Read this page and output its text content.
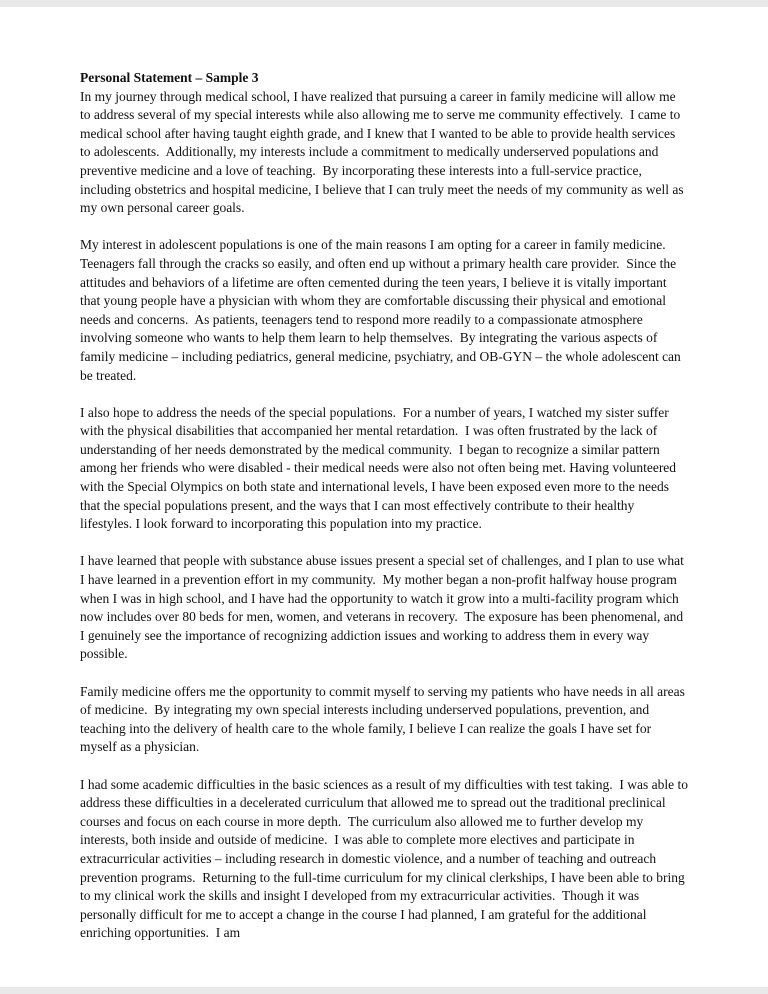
Personal Statement – Sample 3

In my journey through medical school, I have realized that pursuing a career in family medicine will allow me to address several of my special interests while also allowing me to serve me community effectively.  I came to medical school after having taught eighth grade, and I knew that I wanted to be able to provide health services to adolescents.  Additionally, my interests include a commitment to medically underserved populations and preventive medicine and a love of teaching.  By incorporating these interests into a full-service practice, including obstetrics and hospital medicine, I believe that I can truly meet the needs of my community as well as my own personal career goals.

My interest in adolescent populations is one of the main reasons I am opting for a career in family medicine.  Teenagers fall through the cracks so easily, and often end up without a primary health care provider.  Since the attitudes and behaviors of a lifetime are often cemented during the teen years, I believe it is vitally important that young people have a physician with whom they are comfortable discussing their physical and emotional needs and concerns.  As patients, teenagers tend to respond more readily to a compassionate atmosphere involving someone who wants to help them learn to help themselves.  By integrating the various aspects of family medicine – including pediatrics, general medicine, psychiatry, and OB-GYN – the whole adolescent can be treated.

I also hope to address the needs of the special populations.  For a number of years, I watched my sister suffer with the physical disabilities that accompanied her mental retardation.  I was often frustrated by the lack of understanding of her needs demonstrated by the medical community.  I began to recognize a similar pattern among her friends who were disabled - their medical needs were also not often being met. Having volunteered with the Special Olympics on both state and international levels, I have been exposed even more to the needs that the special populations present, and the ways that I can most effectively contribute to their healthy lifestyles. I look forward to incorporating this population into my practice.

I have learned that people with substance abuse issues present a special set of challenges, and I plan to use what I have learned in a prevention effort in my community.  My mother began a non-profit halfway house program when I was in high school, and I have had the opportunity to watch it grow into a multi-facility program which now includes over 80 beds for men, women, and veterans in recovery.  The exposure has been phenomenal, and I genuinely see the importance of recognizing addiction issues and working to address them in every way possible.

Family medicine offers me the opportunity to commit myself to serving my patients who have needs in all areas of medicine.  By integrating my own special interests including underserved populations, prevention, and teaching into the delivery of health care to the whole family, I believe I can realize the goals I have set for myself as a physician.

I had some academic difficulties in the basic sciences as a result of my difficulties with test taking.  I was able to address these difficulties in a decelerated curriculum that allowed me to spread out the traditional preclinical courses and focus on each course in more depth.  The curriculum also allowed me to further develop my interests, both inside and outside of medicine.  I was able to complete more electives and participate in extracurricular activities – including research in domestic violence, and a number of teaching and outreach prevention programs.  Returning to the full-time curriculum for my clinical clerkships, I have been able to bring to my clinical work the skills and insight I developed from my extracurricular activities.  Though it was personally difficult for me to accept a change in the course I had planned, I am grateful for the additional enriching opportunities.  I am
